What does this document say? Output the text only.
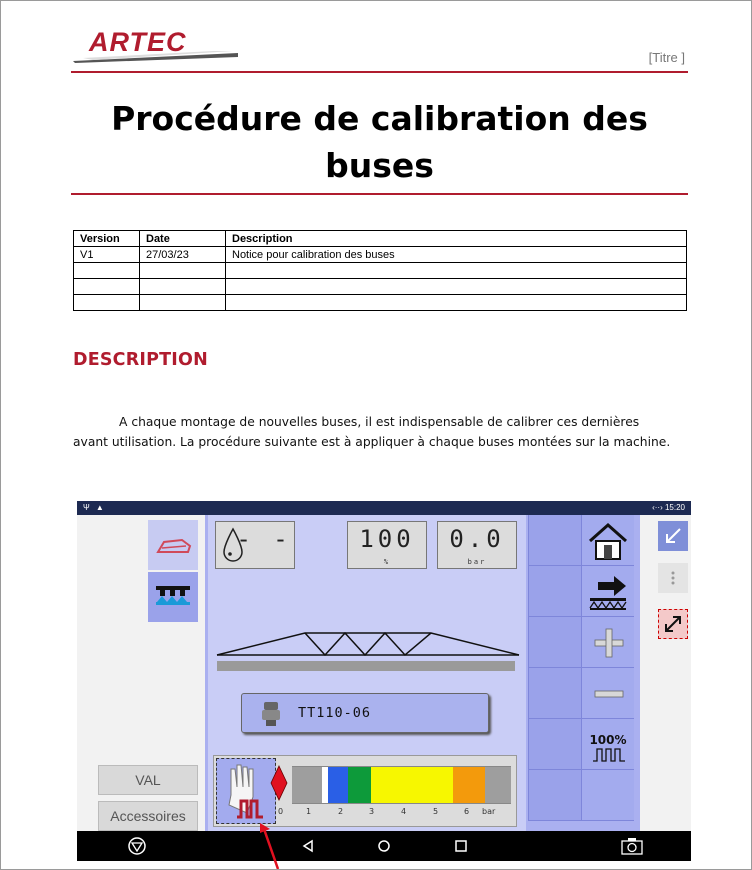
ARTEC
[Titre ]
Procédure de calibration des
buses
Version	Date	Description
V1	27/03/23	Notice pour calibration des buses

DESCRIPTION
A chaque montage de nouvelles buses, il est indispensable de calibrer ces dernières avant utilisation. La procédure suivante est à appliquer à chaque buses montées sur la machine.
Ψ ▲	‹··› 15:20
VAL
Accessoires
- -	100
%
0.0
bar
TT110-06
0	1	2	3	4	5	6 bar
100%
